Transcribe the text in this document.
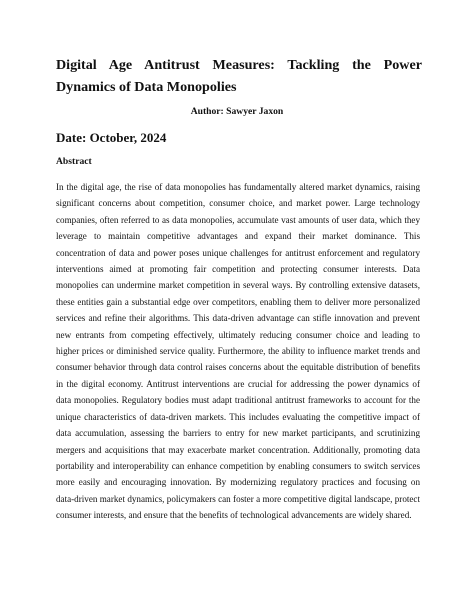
Digital Age Antitrust Measures: Tackling the Power Dynamics of Data Monopolies

Author: Sawyer Jaxon

Date: October, 2024
Abstract

In the digital age, the rise of data monopolies has fundamentally altered market dynamics, raising significant concerns about competition, consumer choice, and market power. Large technology companies, often referred to as data monopolies, accumulate vast amounts of user data, which they leverage to maintain competitive advantages and expand their market dominance. This concentration of data and power poses unique challenges for antitrust enforcement and regulatory interventions aimed at promoting fair competition and protecting consumer interests. Data monopolies can undermine market competition in several ways. By controlling extensive datasets, these entities gain a substantial edge over competitors, enabling them to deliver more personalized services and refine their algorithms. This data-driven advantage can stifle innovation and prevent new entrants from competing effectively, ultimately reducing consumer choice and leading to higher prices or diminished service quality. Furthermore, the ability to influence market trends and consumer behavior through data control raises concerns about the equitable distribution of benefits in the digital economy. Antitrust interventions are crucial for addressing the power dynamics of data monopolies. Regulatory bodies must adapt traditional antitrust frameworks to account for the unique characteristics of data-driven markets. This includes evaluating the competitive impact of data accumulation, assessing the barriers to entry for new market participants, and scrutinizing mergers and acquisitions that may exacerbate market concentration. Additionally, promoting data portability and interoperability can enhance competition by enabling consumers to switch services more easily and encouraging innovation. By modernizing regulatory practices and focusing on data-driven market dynamics, policymakers can foster a more competitive digital landscape, protect consumer interests, and ensure that the benefits of technological advancements are widely shared.
